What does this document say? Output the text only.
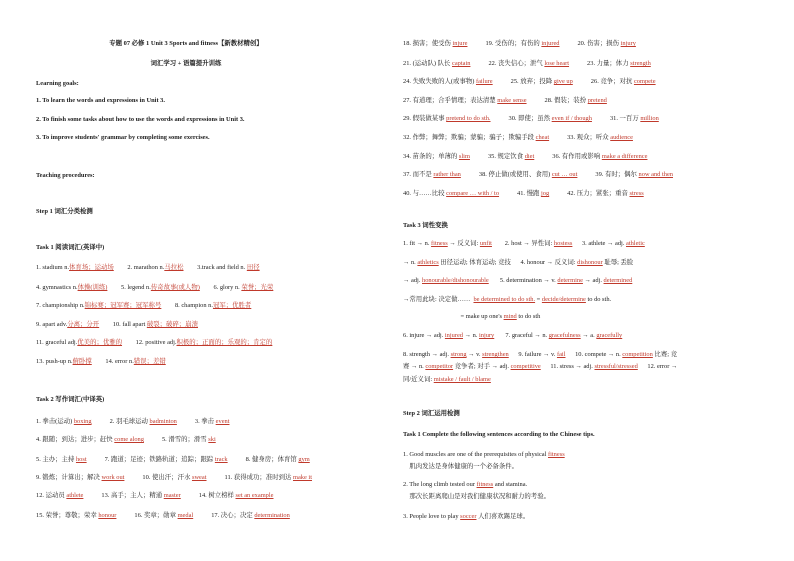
专题 07 必修 1 Unit 3 Sports and fitness【新教材精创】
词汇学习 + 语篇提升训练
Learning goals:
1. To learn the words and expressions in Unit 3.
2. To finish some tasks about how to use the words and expressions in Unit 3.
3. To improve students' grammar by completing some exercises.
Teaching procedures:
Step 1 词汇分类检测
Task 1 阅读词汇(英译中)
1. stadium n.体育场；运动场 2. marathon n.马拉松 3.track and field n. 田径
4. gymnastics n.体操(训练) 5. legend n.传奇故事(或人物) 6. glory n. 荣誉；光荣
7. championship n.锦标赛；冠军赛；冠军称号 8. champion n.冠军；优胜者
9. apart adv.分离；分开 10. fall apart 破裂；破碎；崩溃
11. graceful adj.优美的；优雅的 12. positive adj.积极的；正面的；乐观的；肯定的
13. push-up n.俯卧撑 14. error n.错误；差错
Task 2 写作词汇(中译英)
1. 拳击(运动) boxing	2. 羽毛球运动 badminton	3. 拳击 event
4. 跟随；到达；进步；赶快 come along	5. 滑雪的；滑雪 ski
5. 主办；主持 host	7. 跑道；足迹；铁路轨道；追踪；跟踪 track	8. 健身房；体育馆 gym
9. 锻炼；计算出；解决 work out	10. 使出汗；汗水 sweat	11. 获得成功；准时到达 make it
12. 运动员 athlete	13. 高手；主人；精通 master	14. 树立榜样 set an example
15. 荣誉；尊敬；荣幸 honour	16. 奖章；勋章 medal	17. 决心；决定 determination
18. 损害；使受伤 injure	19. 受伤的；有伤的 injured	20. 伤害；损伤 injury
21. (运动队) 队长 captain	22. 丧失信心；泄气 lose heart	23. 力量；体力 strength
24. 失败失败的人(或事物) failure	25. 放弃；投降 give up	26. 竞争；对抗 compete
27. 有道理；合乎情理；表达清楚 make sense	28. 假装；装扮 pretend
29. 假装做某事 pretend to do sth.	30. 即使；虽然 even if / though	31. 一百万 million
32. 作弊；舞弊；欺骗；蒙骗；骗子；欺骗手段 cheat	33. 观众；听众 audience
34. 苗条的；单薄的 slim	35. 规定饮食 diet	36. 有作用或影响 make a difference
37. 而不是 rather than	38. 停止做(或使用、食用) cut … out	39. 有时；偶尔 now and then
40. 与……比较 compare … with / to	41. 慢跑 jog	42. 压力；紧张；重音 stress
Task 3 词性变换
1. fit → n. fitness → 反义词: unfit        2. host → 异性词: hostess      3. athlete → adj. athletic
→ n. athletics 田径运动; 体育运动; 竞技      4. honour → 反义词: dishonour 耻辱; 丢脸
→ adj. honourable/dishonourable       5. determination → v. determine → adj. determined
→常用此块: 决定做……  be determined to do sth. = decide/determine to do sth.
= make up one's mind to do sth
6. injure → adj. injured → n. injury       7. graceful → n. gracefulness → a. gracefully
8. strength → adj. strong → v. strengthen      9. failure → v. fail      10. compete → n. competition 比赛; 竞
赛 → n. competitor 竞争者; 对手 → adj. competitive      11. stress → adj. stressful/stressed      12. error →
同/近义词: mistake / fault / blame
Step 2 词汇运用检测
Task 1 Complete the following sentences according to the Chinese tips.
1. Good muscles are one of the prerequisites of physical fitness
肌肉发达是身体健康的一个必备条件。
2. The long climb tested our fitness and stamina.
那次长距离爬山是对我们健康状况和耐力的考验。
3. People love to play soccer 人们喜欢踢足球。
